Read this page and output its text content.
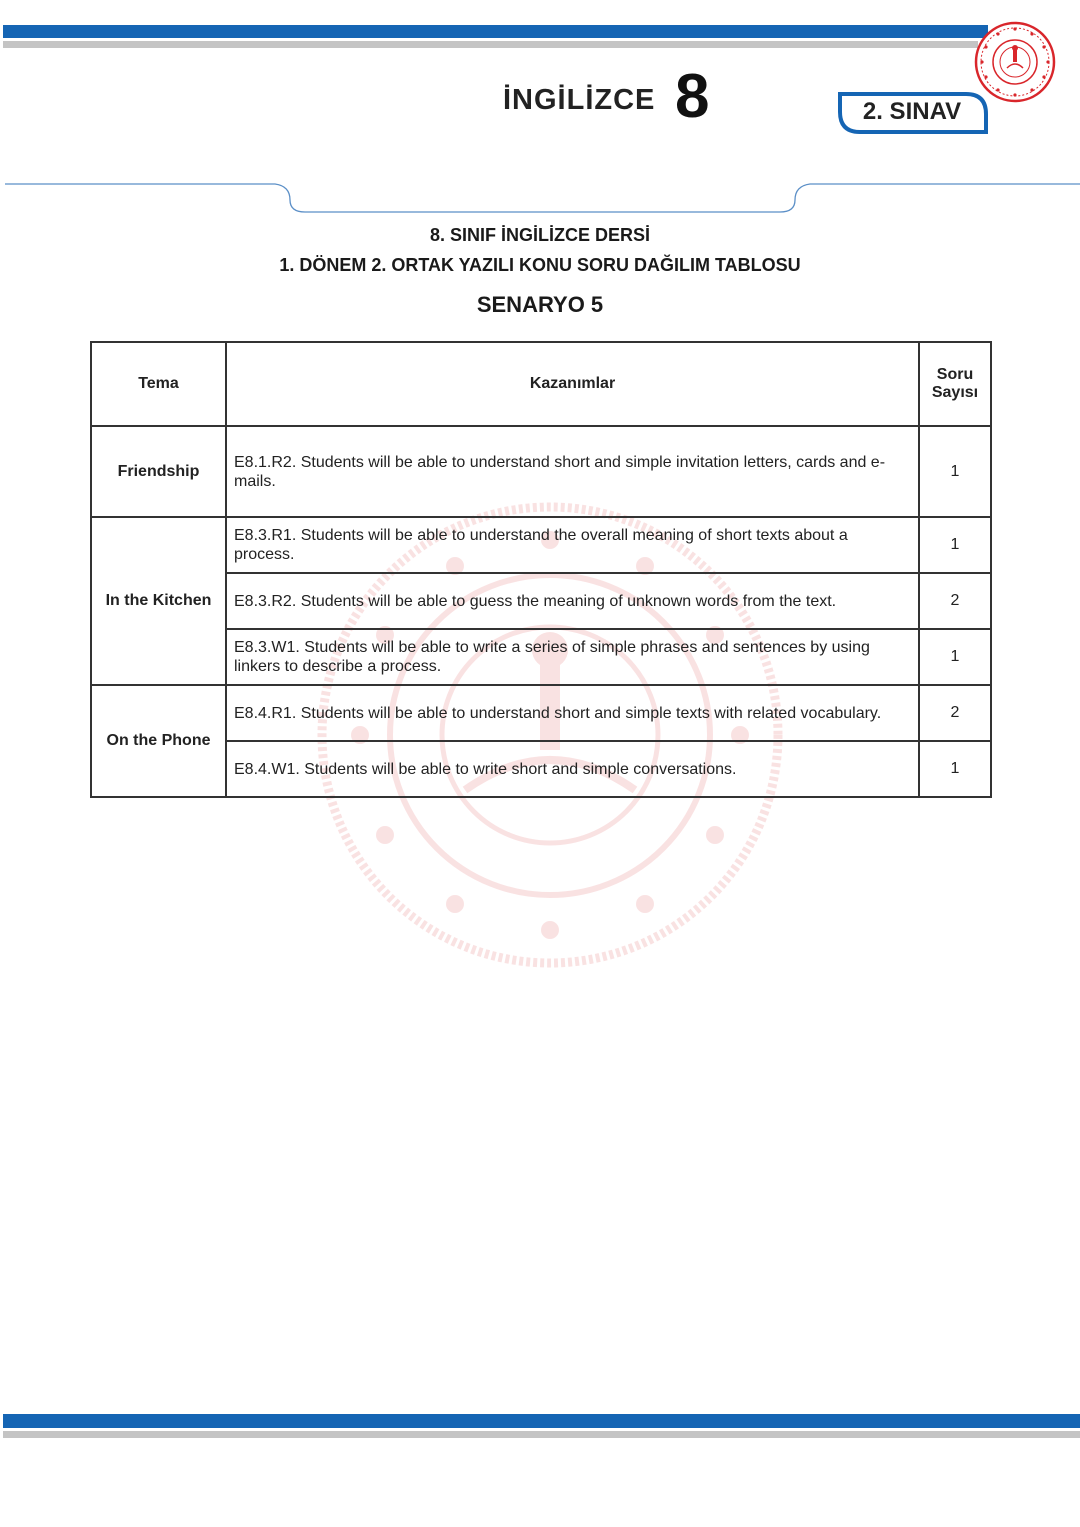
İNGİLİZCE 8	2. SINAV
8. SINIF İNGİLİZCE DERSİ
1. DÖNEM 2. ORTAK YAZILI KONU SORU DAĞILIM TABLOSU
SENARYO 5
Tema	Kazanımlar	Soru Sayısı
Friendship	E8.1.R2. Students will be able to understand short and simple invitation letters, cards and e-mails.	1
In the Kitchen	E8.3.R1. Students will be able to understand the overall meaning of short texts about a process.	1
	E8.3.R2. Students will be able to guess the meaning of unknown words from the text.	2
	E8.3.W1. Students will be able to write a series of simple phrases and sentences by using linkers to describe a process.	1
On the Phone	E8.4.R1. Students will be able to understand short and simple texts with related vocabulary.	2
	E8.4.W1. Students will be able to write short and simple conversations.	1
